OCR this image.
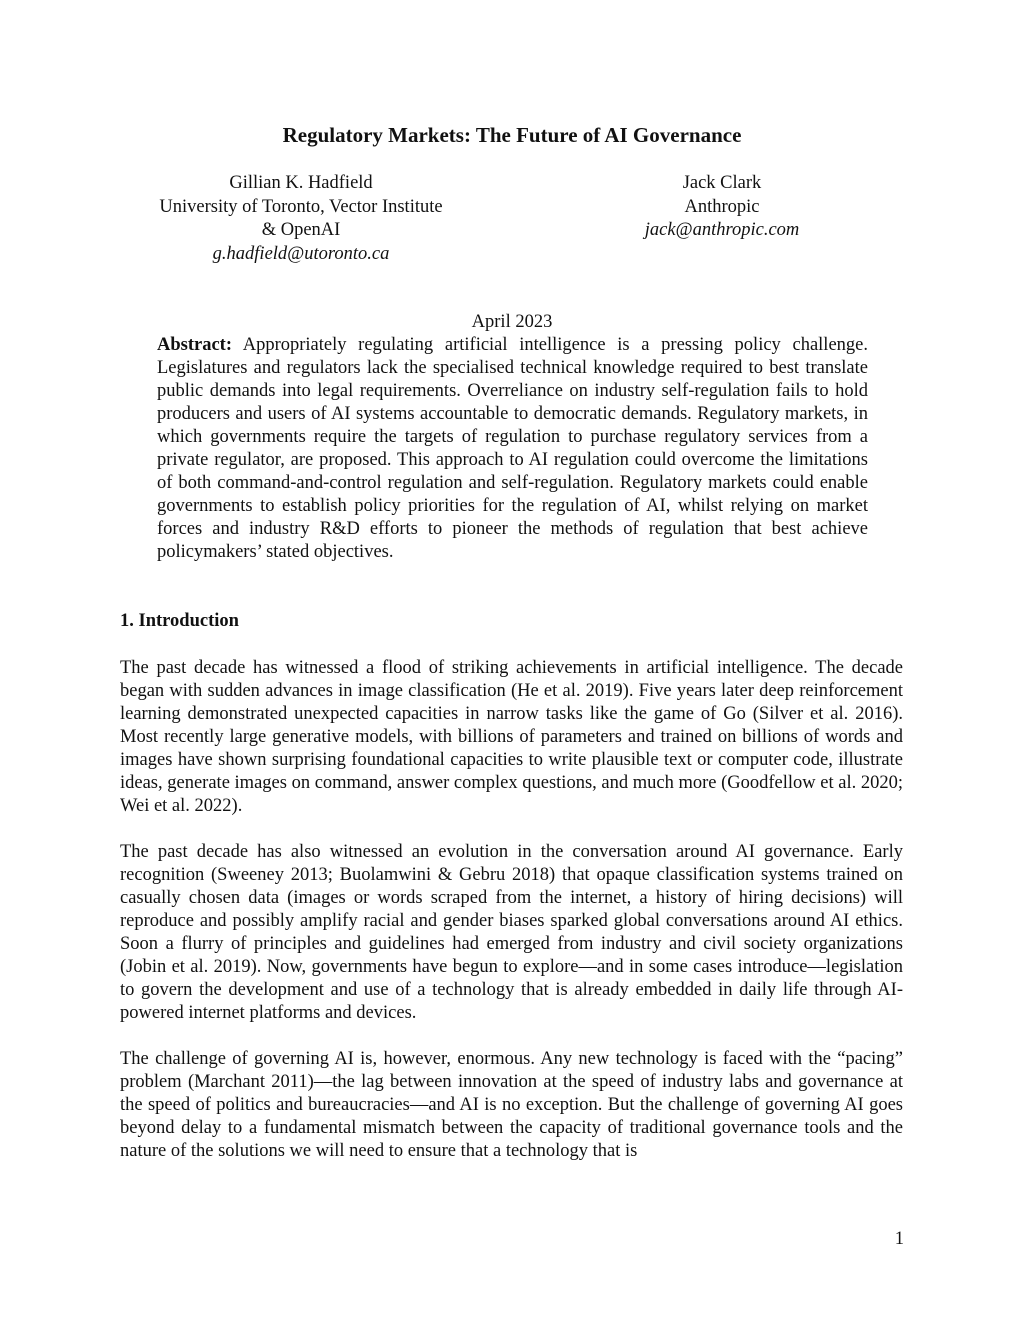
Regulatory Markets: The Future of AI Governance
Gillian K. Hadfield
University of Toronto, Vector Institute
& OpenAI
g.hadfield@utoronto.ca
Jack Clark
Anthropic
jack@anthropic.com
April 2023

Abstract: Appropriately regulating artificial intelligence is a pressing policy challenge. Legislatures and regulators lack the specialised technical knowledge required to best translate public demands into legal requirements. Overreliance on industry self-regulation fails to hold producers and users of AI systems accountable to democratic demands. Regulatory markets, in which governments require the targets of regulation to purchase regulatory services from a private regulator, are proposed. This approach to AI regulation could overcome the limitations of both command-and-control regulation and self-regulation. Regulatory markets could enable governments to establish policy priorities for the regulation of AI, whilst relying on market forces and industry R&D efforts to pioneer the methods of regulation that best achieve policymakers’ stated objectives.

1. Introduction

The past decade has witnessed a flood of striking achievements in artificial intelligence. The decade began with sudden advances in image classification (He et al. 2019). Five years later deep reinforcement learning demonstrated unexpected capacities in narrow tasks like the game of Go (Silver et al. 2016). Most recently large generative models, with billions of parameters and trained on billions of words and images have shown surprising foundational capacities to write plausible text or computer code, illustrate ideas, generate images on command, answer complex questions, and much more (Goodfellow et al. 2020; Wei et al. 2022).

The past decade has also witnessed an evolution in the conversation around AI governance. Early recognition (Sweeney 2013; Buolamwini & Gebru 2018) that opaque classification systems trained on casually chosen data (images or words scraped from the internet, a history of hiring decisions) will reproduce and possibly amplify racial and gender biases sparked global conversations around AI ethics. Soon a flurry of principles and guidelines had emerged from industry and civil society organizations (Jobin et al. 2019). Now, governments have begun to explore—and in some cases introduce—legislation to govern the development and use of a technology that is already embedded in daily life through AI-powered internet platforms and devices.

The challenge of governing AI is, however, enormous. Any new technology is faced with the “pacing” problem (Marchant 2011)—the lag between innovation at the speed of industry labs and governance at the speed of politics and bureaucracies—and AI is no exception. But the challenge of governing AI goes beyond delay to a fundamental mismatch between the capacity of traditional governance tools and the nature of the solutions we will need to ensure that a technology that is

1
